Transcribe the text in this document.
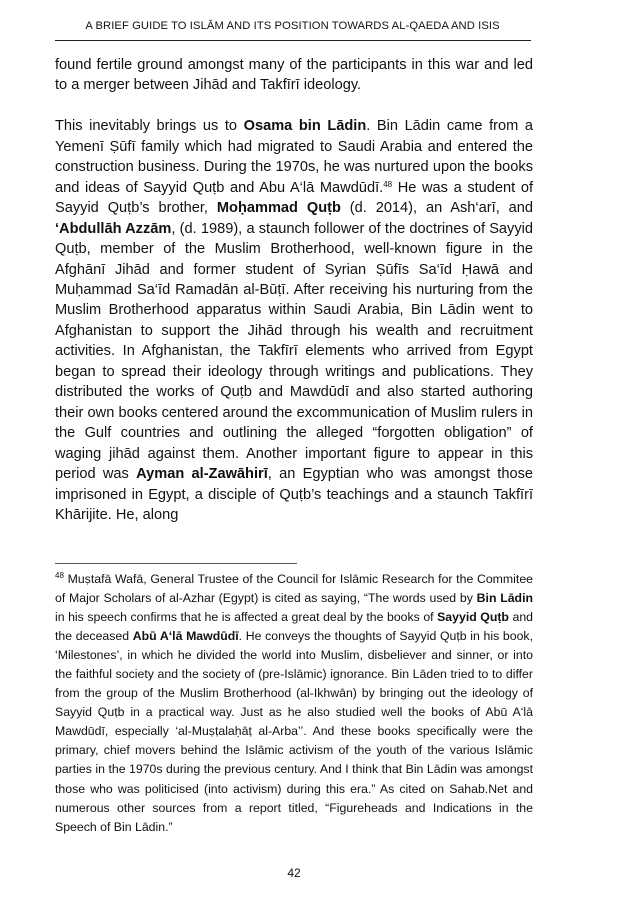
A BRIEF GUIDE TO ISLĀM AND ITS POSITION TOWARDS AL-QAEDA AND ISIS

found fertile ground amongst many of the participants in this war and led to a merger between Jihād and Takfīrī ideology.

This inevitably brings us to Osama bin Lādin. Bin Lādin came from a Yemenī Ṣūfī family which had migrated to Saudi Arabia and entered the construction business. During the 1970s, he was nurtured upon the books and ideas of Sayyid Quṭb and Abu A‘lā Mawdūdī.$^{48}$ He was a student of Sayyid Quṭb’s brother, Moḥammad Quṭb (d. 2014), an Ash‘arī, and ‘Abdullāh Azzām, (d. 1989), a staunch follower of the doctrines of Sayyid Quṭb, member of the Muslim Brotherhood, well-known figure in the Afghānī Jihād and former student of Syrian Ṣūfīs Sa‘īd Ḥawā and Muḥammad Sa‘īd Ramadān al-Būṭī. After receiving his nurturing from the Muslim Brotherhood apparatus within Saudi Arabia, Bin Lādin went to Afghanistan to support the Jihād through his wealth and recruitment activities. In Afghanistan, the Takfīrī elements who arrived from Egypt began to spread their ideology through writings and publications. They distributed the works of Quṭb and Mawdūdī and also started authoring their own books centered around the excommunication of Muslim rulers in the Gulf countries and outlining the alleged “forgotten obligation” of waging jihād against them. Another important figure to appear in this period was Ayman al-Zawāhirī, an Egyptian who was amongst those imprisoned in Egypt, a disciple of Quṭb’s teachings and a staunch Takfīrī Khārijite. He, along

$^{48}$ Muṣtafā Wafā, General Trustee of the Council for Islāmic Research for the Commitee of Major Scholars of al-Azhar (Egypt) is cited as saying, “The words used by Bin Lādin in his speech confirms that he is affected a great deal by the books of Sayyid Quṭb and the deceased Abū A‘lā Mawdūdī. He conveys the thoughts of Sayyid Quṭb in his book, ‘Milestones’, in which he divided the world into Muslim, disbeliever and sinner, or into the faithful society and the society of (pre-Islāmic) ignorance. Bin Lāden tried to to differ from the group of the Muslim Brotherhood (al-Ikhwān) by bringing out the ideology of Sayyid Quṭb in a practical way. Just as he also studied well the books of Abū A‘lā Mawdūdī, especially ‘al-Muṣṭalaḥāṭ al-Arba’’. And these books specifically were the primary, chief movers behind the Islāmic activism of the youth of the various Islāmic parties in the 1970s during the previous century. And I think that Bin Lādin was amongst those who was politicised (into activism) during this era.” As cited on Sahab.Net and numerous other sources from a report titled, “Figureheads and Indications in the Speech of Bin Lādin.”
42
